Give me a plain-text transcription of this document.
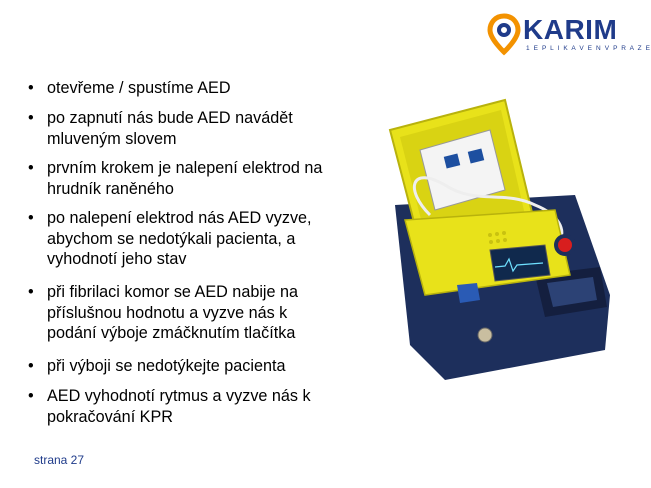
KARIM
1 E P L I K A V E N V P R A Z E
• otevřeme / spustíme AED
• po zapnutí nás bude AED navádět
mluveným slovem
• prvním krokem je nalepení elektrod na
hrudník raněného
• po nalepení elektrod nás AED vyzve,
abychom se nedotýkali pacienta, a
vyhodnotí jeho stav
• při fibrilaci komor se AED nabije na
příslušnou hodnotu a vyzve nás k
podání výboje zmáčknutím tlačítka
• při výboji se nedotýkejte pacienta
• AED vyhodnotí rytmus a vyzve nás k
pokračování KPR
strana 27
